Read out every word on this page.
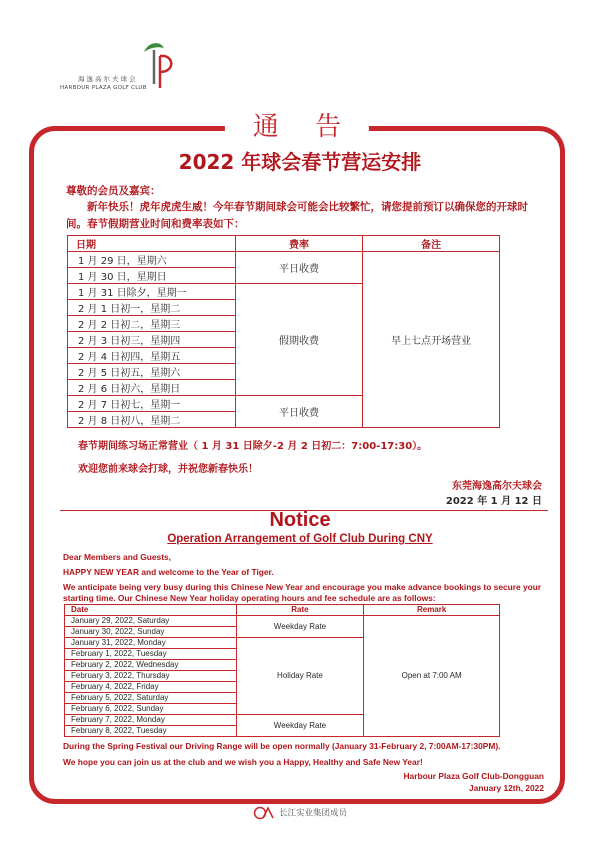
海逸高尔夫球会
HARBOUR PLAZA GOLF CLUB
通 告
2022 年球会春节营运安排
尊敬的会员及嘉宾：
新年快乐！虎年虎虎生威！今年春节期间球会可能会比较繁忙，请您提前预订以确保您的开球时间。春节假期营业时间和费率表如下：
日期	费率	备注
1 月 29 日，星期六	平日收费	早上七点开场营业
1 月 30 日，星期日		
1 月 31 日除夕，星期一	假期收费	
2 月 1 日初一，星期二		
2 月 2 日初二，星期三		
2 月 3 日初三，星期四		
2 月 4 日初四，星期五		
2 月 5 日初五，星期六		
2 月 6 日初六，星期日		
2 月 7 日初七，星期一	平日收费	
2 月 8 日初八，星期二		
春节期间练习场正常营业（ 1 月 31 日除夕-2 月 2 日初二：7:00-17:30）。
欢迎您前来球会打球，并祝您新春快乐！
东莞海逸高尔夫球会
2022 年 1 月 12 日
Notice
Operation Arrangement of Golf Club During CNY
Dear Members and Guests,
HAPPY NEW YEAR and welcome to the Year of Tiger.
We anticipate being very busy during this Chinese New Year and encourage you make advance bookings to secure your starting time. Our Chinese New Year holiday operating hours and fee schedule are as follows:
Date	Rate	Remark
January 29, 2022, Saturday	Weekday Rate	Open at 7:00 AM
January 30, 2022, Sunday		
January 31, 2022, Monday	Holiday Rate	
February 1, 2022, Tuesday		
February 2, 2022, Wednesday		
February 3, 2022, Thursday		
February 4, 2022, Friday		
February 5, 2022, Saturday		
February 6, 2022, Sunday		
February 7, 2022, Monday	Weekday Rate	
February 8, 2022, Tuesday		
During the Spring Festival our Driving Range will be open normally (January 31-February 2, 7:00AM-17:30PM).
We hope you can join us at the club and we wish you a Happy, Healthy and Safe New Year!
Harbour Plaza Golf Club-Dongguan
January 12th, 2022
长江实业集团成员
